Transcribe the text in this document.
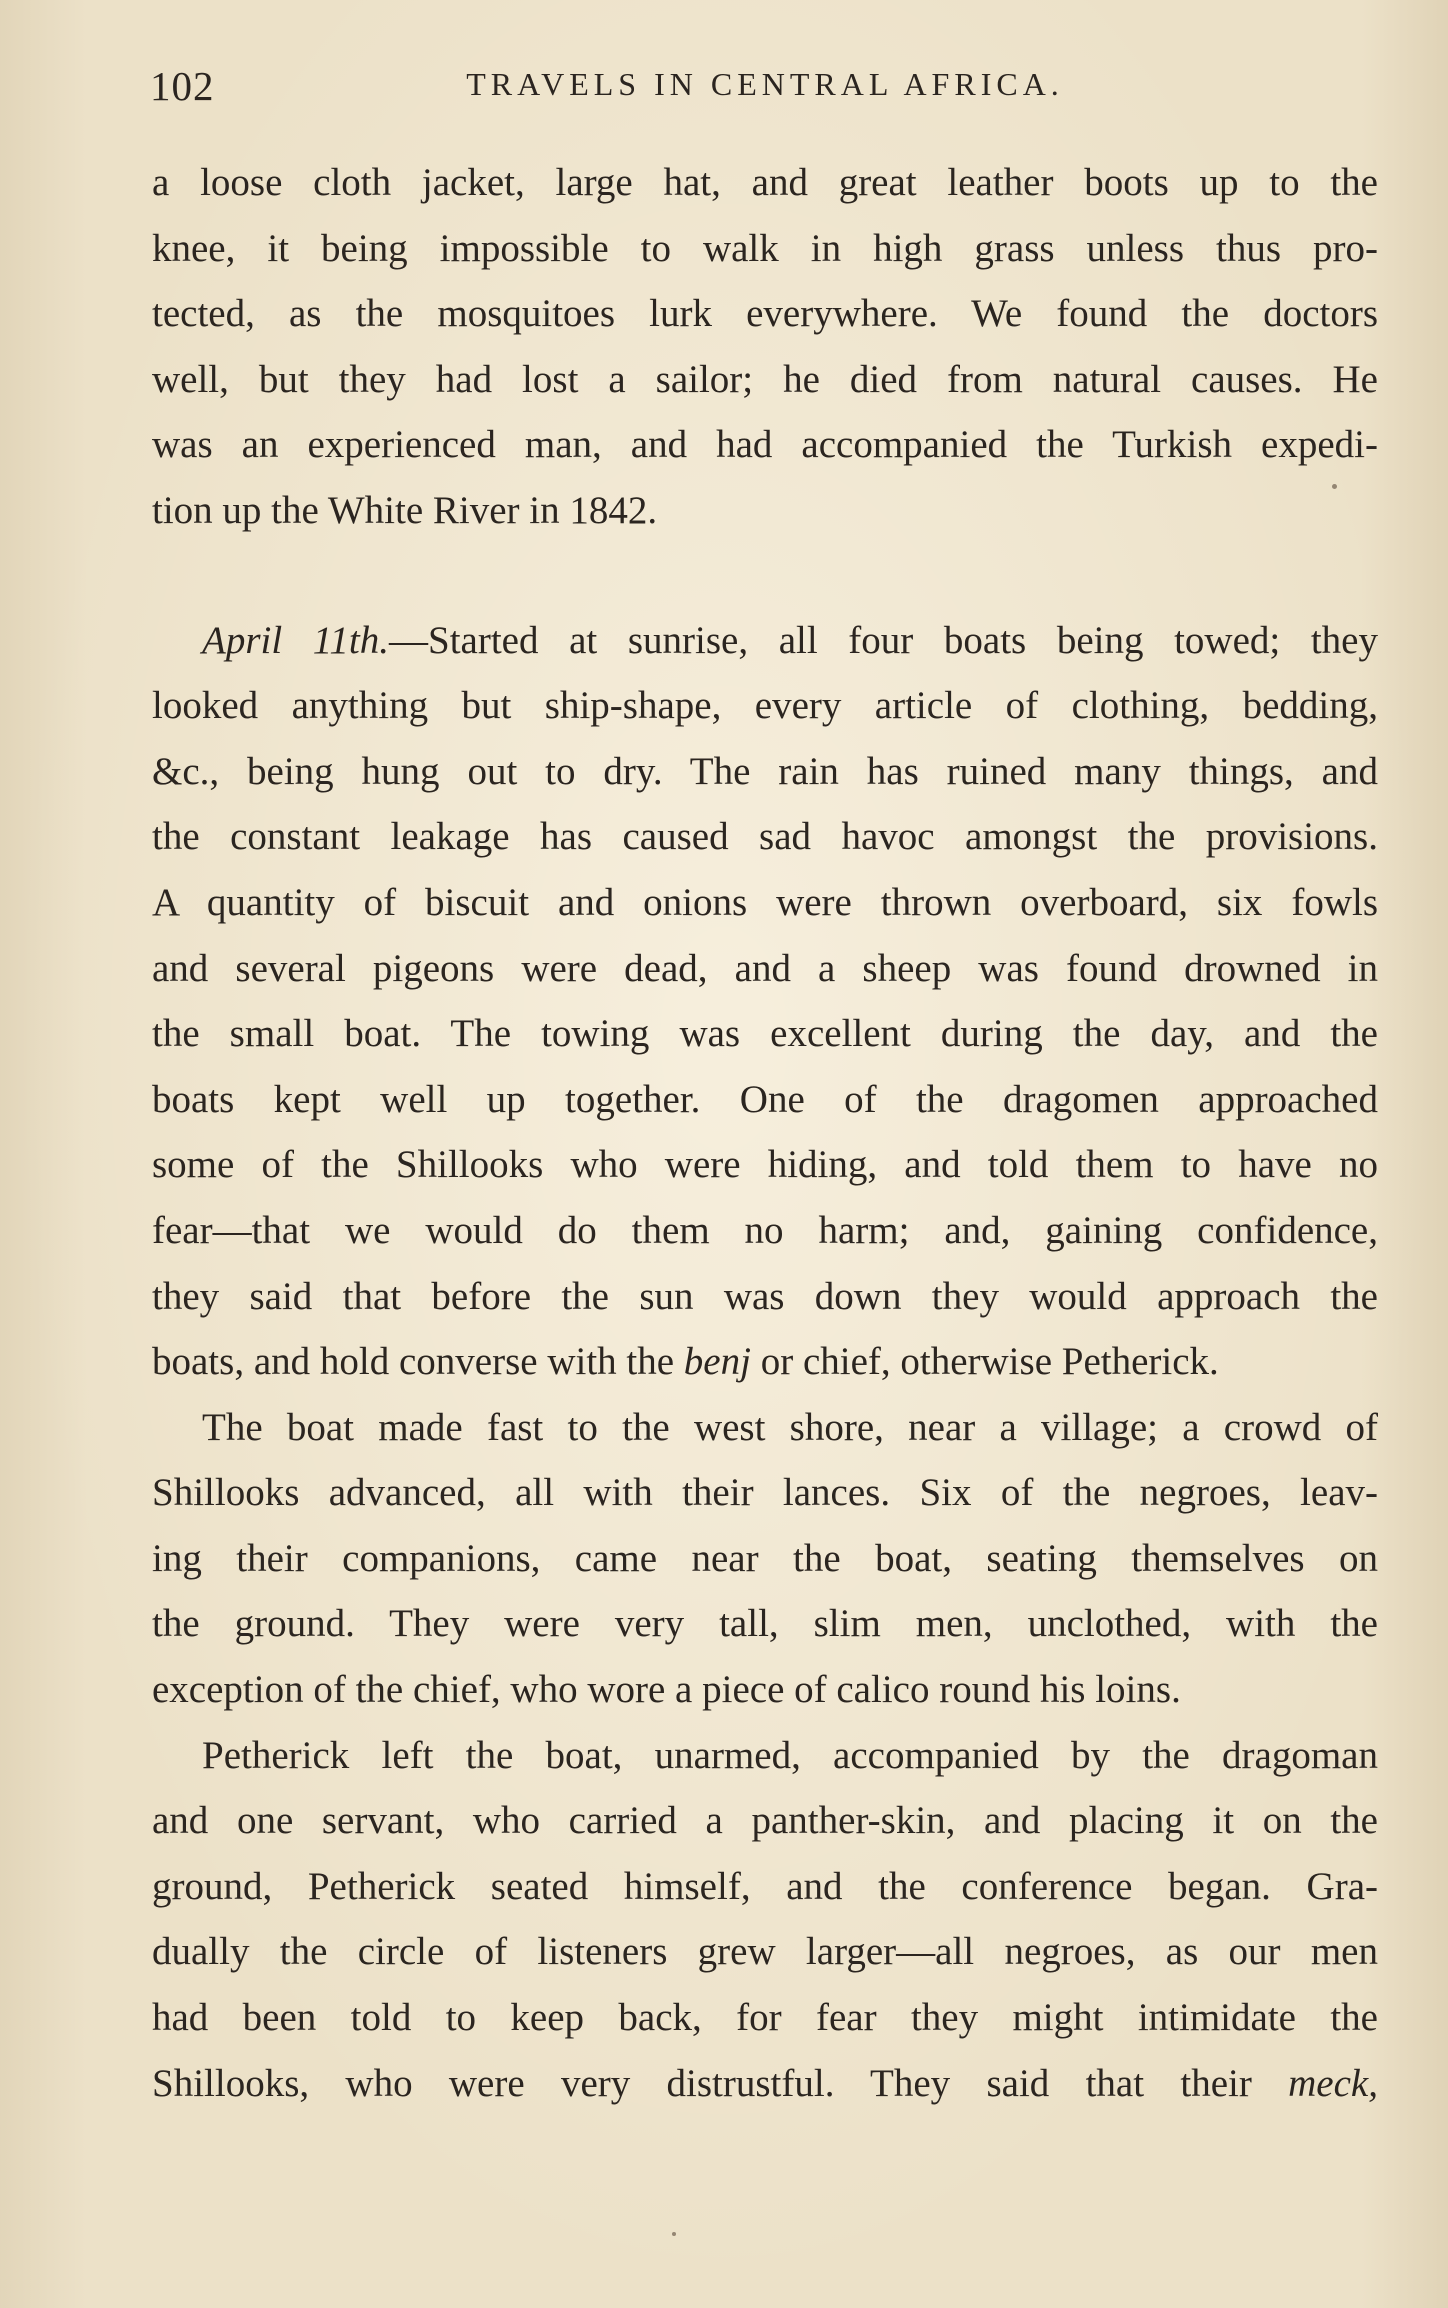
102	TRAVELS IN CENTRAL AFRICA.
a loose cloth jacket, large hat, and great leather boots up to the
knee, it being impossible to walk in high grass unless thus pro-
tected, as the mosquitoes lurk everywhere. We found the doctors
well, but they had lost a sailor; he died from natural causes. He
was an experienced man, and had accompanied the Turkish expedi-
tion up the White River in 1842.
April 11th.—Started at sunrise, all four boats being towed; they
looked anything but ship-shape, every article of clothing, bedding,
&c., being hung out to dry. The rain has ruined many things, and
the constant leakage has caused sad havoc amongst the provisions.
A quantity of biscuit and onions were thrown overboard, six fowls
and several pigeons were dead, and a sheep was found drowned in
the small boat. The towing was excellent during the day, and the
boats kept well up together. One of the dragomen approached
some of the Shillooks who were hiding, and told them to have no
fear—that we would do them no harm; and, gaining confidence,
they said that before the sun was down they would approach the
boats, and hold converse with the benj or chief, otherwise Petherick.
The boat made fast to the west shore, near a village; a crowd of
Shillooks advanced, all with their lances. Six of the negroes, leav-
ing their companions, came near the boat, seating themselves on
the ground. They were very tall, slim men, unclothed, with the
exception of the chief, who wore a piece of calico round his loins.
Petherick left the boat, unarmed, accompanied by the dragoman
and one servant, who carried a panther-skin, and placing it on the
ground, Petherick seated himself, and the conference began. Gra-
dually the circle of listeners grew larger—all negroes, as our men
had been told to keep back, for fear they might intimidate the
Shillooks, who were very distrustful. They said that their meck,
